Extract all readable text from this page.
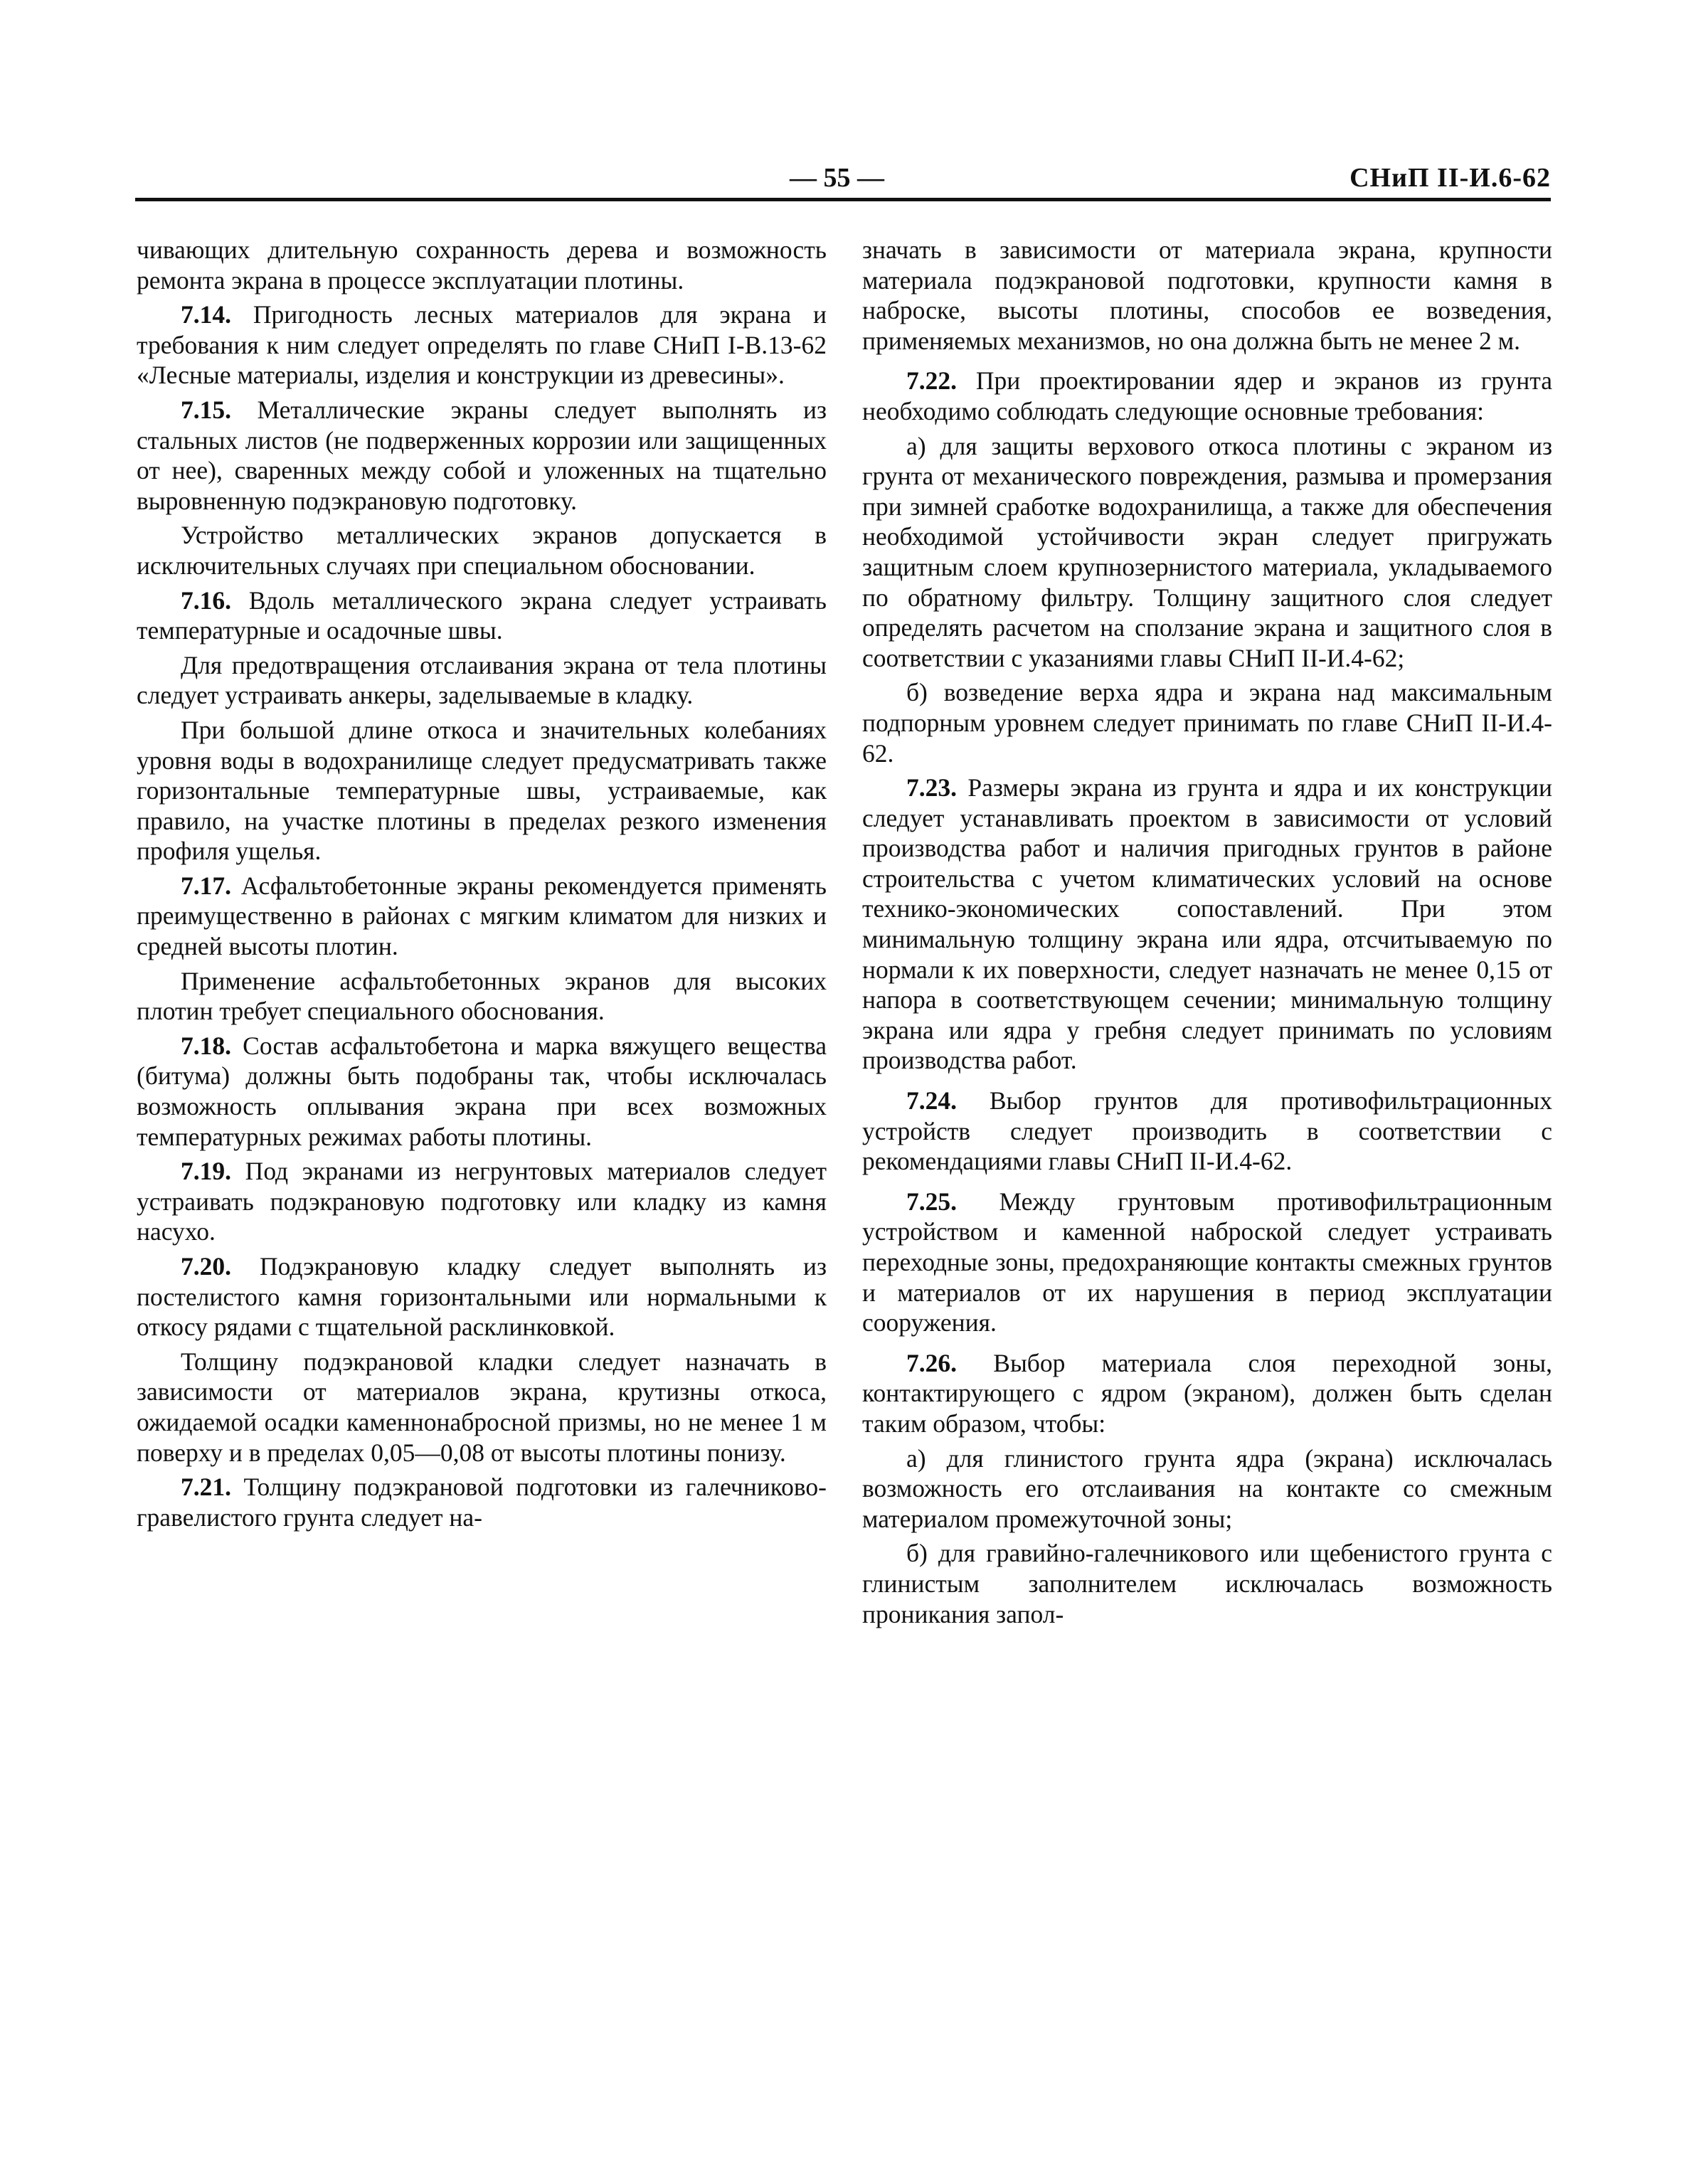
— 55 —	СНиП II-И.6-62

чивающих длительную сохранность дерева и возможность ремонта экрана в процессе эксплуатации плотины.

7.14. Пригодность лесных материалов для экрана и требования к ним следует определять по главе СНиП I-В.13-62 «Лесные материалы, изделия и конструкции из древесины».

7.15. Металлические экраны следует выполнять из стальных листов (не подверженных коррозии или защищенных от нее), сваренных между собой и уложенных на тщательно выровненную подэкрановую подготовку.

Устройство металлических экранов допускается в исключительных случаях при специальном обосновании.

7.16. Вдоль металлического экрана следует устраивать температурные и осадочные швы.

Для предотвращения отслаивания экрана от тела плотины следует устраивать анкеры, заделываемые в кладку.

При большой длине откоса и значительных колебаниях уровня воды в водохранилище следует предусматривать также горизонтальные температурные швы, устраиваемые, как правило, на участке плотины в пределах резкого изменения профиля ущелья.

7.17. Асфальтобетонные экраны рекомендуется применять преимущественно в районах с мягким климатом для низких и средней высоты плотин.

Применение асфальтобетонных экранов для высоких плотин требует специального обоснования.

7.18. Состав асфальтобетона и марка вяжущего вещества (битума) должны быть подобраны так, чтобы исключалась возможность оплывания экрана при всех возможных температурных режимах работы плотины.

7.19. Под экранами из негрунтовых материалов следует устраивать подэкрановую подготовку или кладку из камня насухо.

7.20. Подэкрановую кладку следует выполнять из постелистого камня горизонтальными или нормальными к откосу рядами с тщательной расклинковкой.

Толщину подэкрановой кладки следует назначать в зависимости от материалов экрана, крутизны откоса, ожидаемой осадки каменнонабросной призмы, но не менее 1 м поверху и в пределах 0,05—0,08 от высоты плотины понизу.

7.21. Толщину подэкрановой подготовки из галечниково-гравелистого грунта следует на-

значать в зависимости от материала экрана, крупности материала подэкрановой подготовки, крупности камня в наброске, высоты плотины, способов ее возведения, применяемых механизмов, но она должна быть не менее 2 м.

7.22. При проектировании ядер и экранов из грунта необходимо соблюдать следующие основные требования:

а) для защиты верхового откоса плотины с экраном из грунта от механического повреждения, размыва и промерзания при зимней сработке водохранилища, а также для обеспечения необходимой устойчивости экран следует пригружать защитным слоем крупнозернистого материала, укладываемого по обратному фильтру. Толщину защитного слоя следует определять расчетом на сползание экрана и защитного слоя в соответствии с указаниями главы СНиП II-И.4-62;

б) возведение верха ядра и экрана над максимальным подпорным уровнем следует принимать по главе СНиП II-И.4-62.

7.23. Размеры экрана из грунта и ядра и их конструкции следует устанавливать проектом в зависимости от условий производства работ и наличия пригодных грунтов в районе строительства с учетом климатических условий на основе технико-экономических сопоставлений. При этом минимальную толщину экрана или ядра, отсчитываемую по нормали к их поверхности, следует назначать не менее 0,15 от напора в соответствующем сечении; минимальную толщину экрана или ядра у гребня следует принимать по условиям производства работ.

7.24. Выбор грунтов для противофильтрационных устройств следует производить в соответствии с рекомендациями главы СНиП II-И.4-62.

7.25. Между грунтовым противофильтрационным устройством и каменной наброской следует устраивать переходные зоны, предохраняющие контакты смежных грунтов и материалов от их нарушения в период эксплуатации сооружения.

7.26. Выбор материала слоя переходной зоны, контактирующего с ядром (экраном), должен быть сделан таким образом, чтобы:

а) для глинистого грунта ядра (экрана) исключалась возможность его отслаивания на контакте со смежным материалом промежуточной зоны;

б) для гравийно-галечникового или щебенистого грунта с глинистым заполнителем исключалась возможность проникания запол-
